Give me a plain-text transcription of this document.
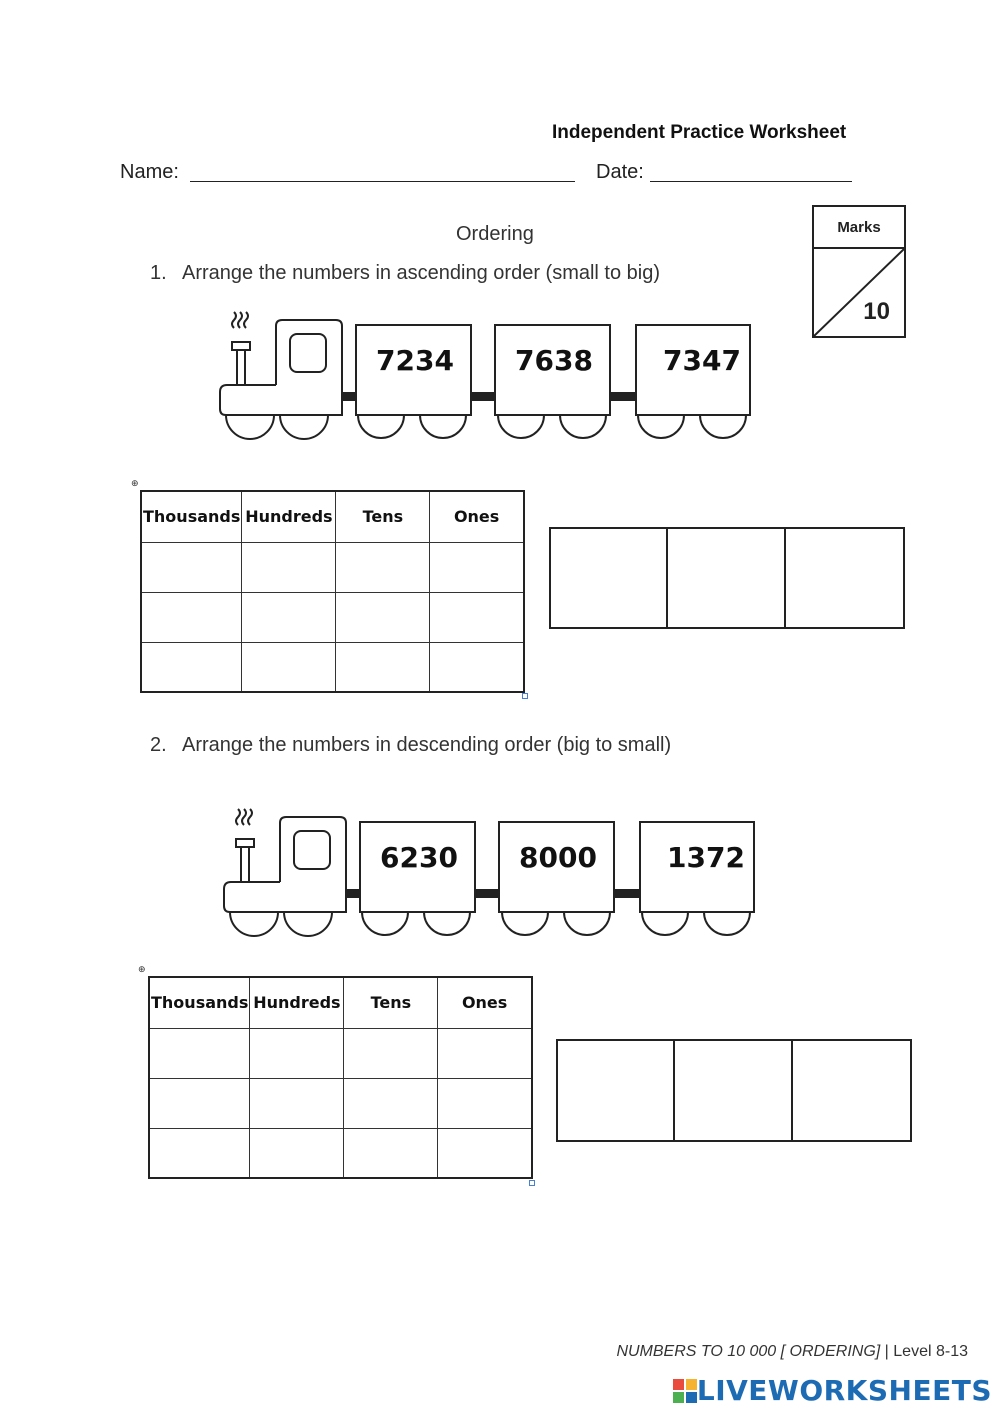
Independent Practice Worksheet
Name:	Date:
Marks
10
Ordering
1. Arrange the numbers in ascending order (small to big)
7234 7638	7347
⊕
Thousands	Hundreds	Tens	Ones

2. Arrange the numbers in descending order (big to small)
6230 8000	1372
⊕
Thousands	Hundreds	Tens	Ones

NUMBERS TO 10 000 [ ORDERING] | Level 8-13
LIVEWORKSHEETS
